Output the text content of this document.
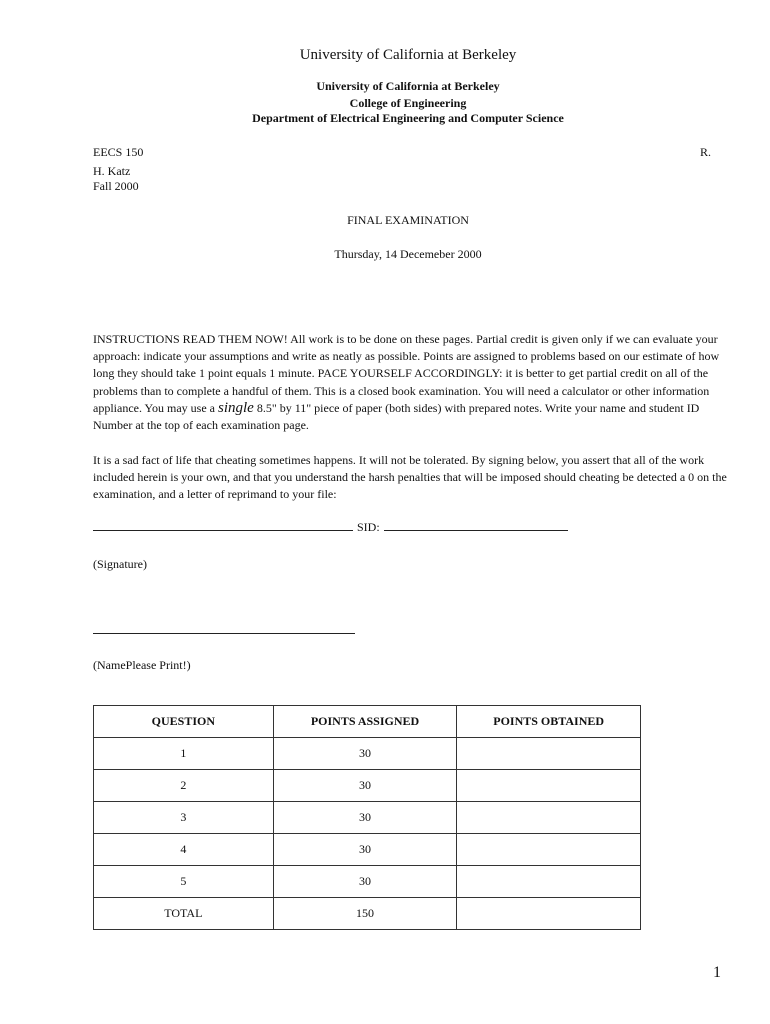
University of California at Berkeley
University of California at Berkeley
College of Engineering
Department of Electrical Engineering and Computer Science
EECS 150	R.
H. Katz
Fall 2000
FINAL EXAMINATION
Thursday, 14 Decemeber 2000
INSTRUCTIONS READ THEM NOW! All work is to be done on these pages. Partial credit is given only if we can evaluate your approach: indicate your assumptions and write as neatly as possible. Points are assigned to problems based on our estimate of how long they should take 1 point equals 1 minute. PACE YOURSELF ACCORDINGLY: it is better to get partial credit on all of the problems than to complete a handful of them. This is a closed book examination. You will need a calculator or other information appliance. You may use a single 8.5" by 11" piece of paper (both sides) with prepared notes. Write your name and student ID Number at the top of each examination page.
It is a sad fact of life that cheating sometimes happens. It will not be tolerated. By signing below, you assert that all of the work included herein is your own, and that you understand the harsh penalties that will be imposed should cheating be detected a 0 on the examination, and a letter of reprimand to your file:
SID:
(Signature)
(NamePlease Print!)
QUESTION	POINTS ASSIGNED	POINTS OBTAINED
1	30	
2	30	
3	30	
4	30	
5	30	
TOTAL	150	
1
